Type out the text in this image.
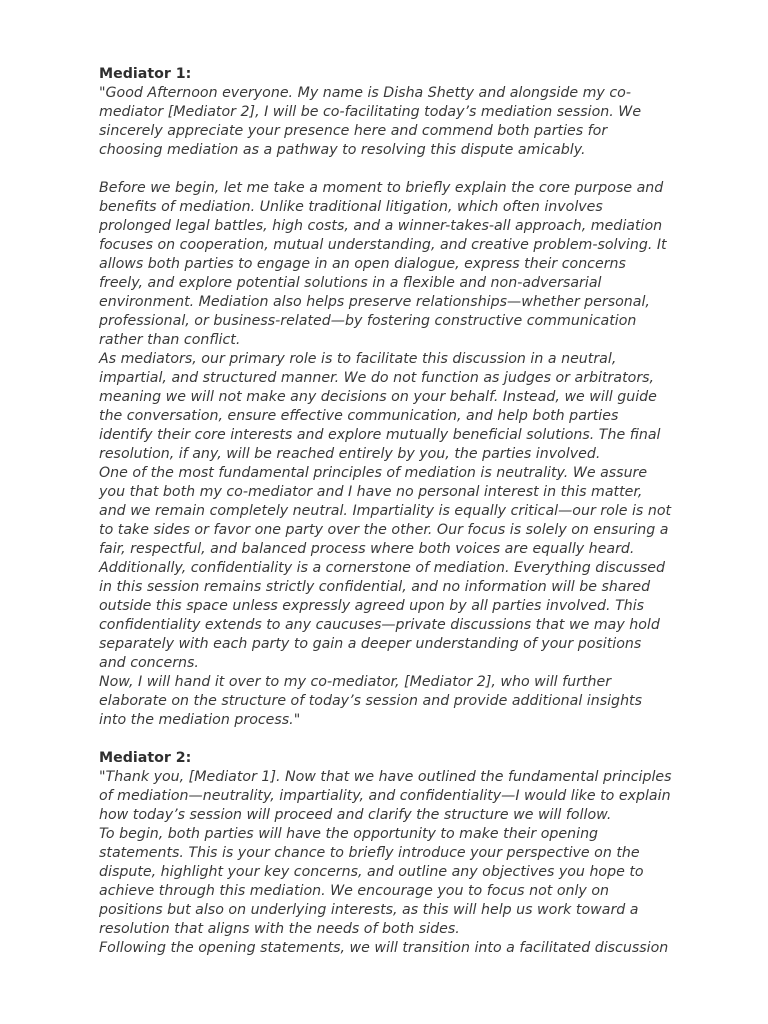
Mediator 1:
"Good Afternoon everyone. My name is Disha Shetty and alongside my co-
mediator [Mediator 2], I will be co-facilitating today’s mediation session. We
sincerely appreciate your presence here and commend both parties for
choosing mediation as a pathway to resolving this dispute amicably.
Before we begin, let me take a moment to briefly explain the core purpose and
benefits of mediation. Unlike traditional litigation, which often involves
prolonged legal battles, high costs, and a winner-takes-all approach, mediation
focuses on cooperation, mutual understanding, and creative problem-solving. It
allows both parties to engage in an open dialogue, express their concerns
freely, and explore potential solutions in a flexible and non-adversarial
environment. Mediation also helps preserve relationships—whether personal,
professional, or business-related—by fostering constructive communication
rather than conflict.
As mediators, our primary role is to facilitate this discussion in a neutral,
impartial, and structured manner. We do not function as judges or arbitrators,
meaning we will not make any decisions on your behalf. Instead, we will guide
the conversation, ensure effective communication, and help both parties
identify their core interests and explore mutually beneficial solutions. The final
resolution, if any, will be reached entirely by you, the parties involved.
One of the most fundamental principles of mediation is neutrality. We assure
you that both my co-mediator and I have no personal interest in this matter,
and we remain completely neutral. Impartiality is equally critical—our role is not
to take sides or favor one party over the other. Our focus is solely on ensuring a
fair, respectful, and balanced process where both voices are equally heard.
Additionally, confidentiality is a cornerstone of mediation. Everything discussed
in this session remains strictly confidential, and no information will be shared
outside this space unless expressly agreed upon by all parties involved. This
confidentiality extends to any caucuses—private discussions that we may hold
separately with each party to gain a deeper understanding of your positions
and concerns.
Now, I will hand it over to my co-mediator, [Mediator 2], who will further
elaborate on the structure of today’s session and provide additional insights
into the mediation process."
Mediator 2:
"Thank you, [Mediator 1]. Now that we have outlined the fundamental principles
of mediation—neutrality, impartiality, and confidentiality—I would like to explain
how today’s session will proceed and clarify the structure we will follow.
To begin, both parties will have the opportunity to make their opening
statements. This is your chance to briefly introduce your perspective on the
dispute, highlight your key concerns, and outline any objectives you hope to
achieve through this mediation. We encourage you to focus not only on
positions but also on underlying interests, as this will help us work toward a
resolution that aligns with the needs of both sides.
Following the opening statements, we will transition into a facilitated discussion
